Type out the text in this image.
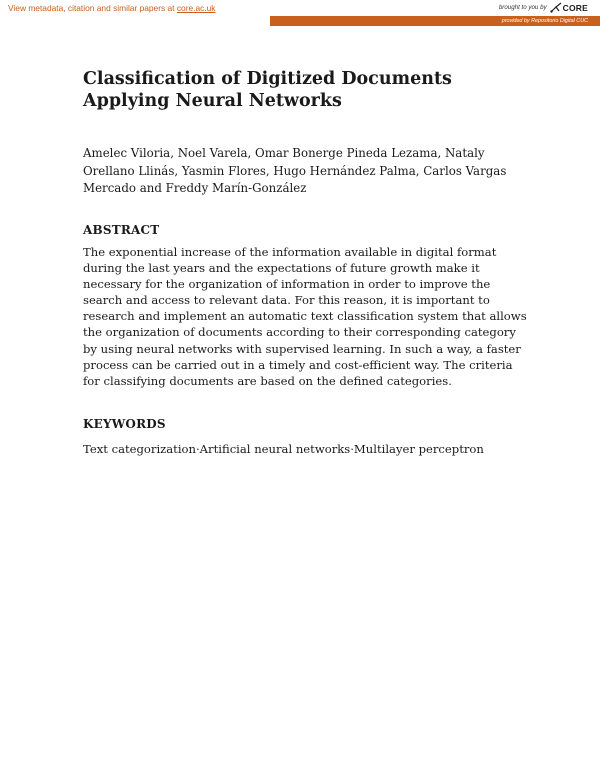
View metadata, citation and similar papers at core.ac.uk	brought to you by CORE
provided by Repositorio Digital CUC
Classification of Digitized Documents Applying Neural Networks

Amelec Viloria, Noel Varela, Omar Bonerge Pineda Lezama, Nataly Orellano Llinás, Yasmin Flores, Hugo Hernández Palma, Carlos Vargas Mercado and Freddy Marín-González

ABSTRACT

The exponential increase of the information available in digital format during the last years and the expectations of future growth make it necessary for the organization of information in order to improve the search and access to relevant data. For this reason, it is important to research and implement an automatic text classification system that allows the organization of documents according to their corresponding category by using neural networks with supervised learning. In such a way, a faster process can be carried out in a timely and cost-efficient way. The criteria for classifying documents are based on the defined categories.

KEYWORDS

Text categorization·Artificial neural networks·Multilayer perceptron
